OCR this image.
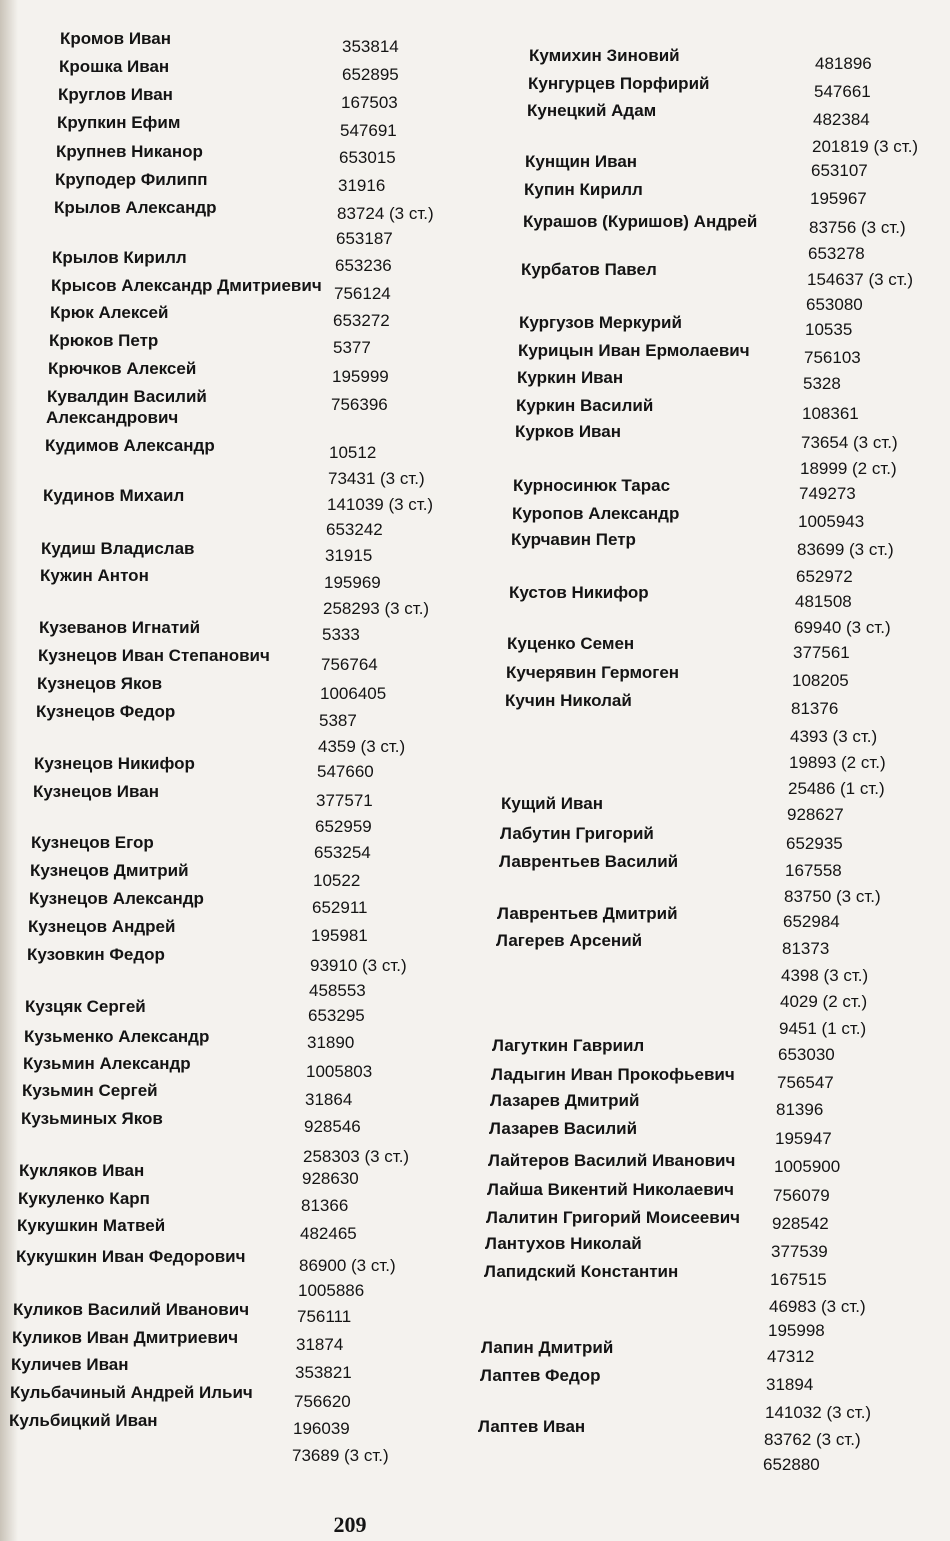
Кромов Иван
Крошка Иван
Круглов Иван
Крупкин Ефим
Крупнев Никанор
Круподер Филипп
Крылов Александр
Крылов Кирилл
Крысов Александр Дмитриевич
Крюк Алексей
Крюков Петр
Крючков Алексей
Кувалдин Василий
Александрович
Кудимов Александр
Кудинов Михаил
Кудиш Владислав
Кужин Антон
Кузеванов Игнатий
Кузнецов Иван Степанович
Кузнецов Яков
Кузнецов Федор
Кузнецов Никифор
Кузнецов Иван
Кузнецов Егор
Кузнецов Дмитрий
Кузнецов Александр
Кузнецов Андрей
Кузовкин Федор
Кузцяк Сергей
Кузьменко Александр
Кузьмин Александр
Кузьмин Сергей
Кузьминых Яков
Кукляков Иван
Кукуленко Карп
Кукушкин Матвей
Кукушкин Иван Федорович
Куликов Василий Иванович
Куликов Иван Дмитриевич
Куличев Иван
Кульбачиный Андрей Ильич
Кульбицкий Иван
353814
652895
167503
547691
653015
31916
83724 (3 ст.)
653187
653236
756124
653272
5377
195999
756396
10512
73431 (3 ст.)
141039 (3 ст.)
653242
31915
195969
258293 (3 ст.)
5333
756764
1006405
5387
4359 (3 ст.)
547660
377571
652959
653254
10522
652911
195981
93910 (3 ст.)
458553
653295
31890
1005803
31864
928546
258303 (3 ст.)
928630
81366
482465
86900 (3 ст.)
1005886
756111
31874
353821
756620
196039
73689 (3 ст.)
Кумихин Зиновий
Кунгурцев Порфирий
Кунецкий Адам
Кунщин Иван
Купин Кирилл
Курашов (Куришов) Андрей
Курбатов Павел
Кургузов Меркурий
Курицын Иван Ермолаевич
Куркин Иван
Куркин Василий
Курков Иван
Курносинюк Тарас
Куропов Александр
Курчавин Петр
Кустов Никифор
Куценко Семен
Кучерявин Гермоген
Кучин Николай
Кущий Иван
Лабутин Григорий
Лаврентьев Василий
Лаврентьев Дмитрий
Лагерев Арсений
Лагуткин Гавриил
Ладыгин Иван Прокофьевич
Лазарев Дмитрий
Лазарев Василий
Лайтеров Василий Иванович
Лайша Викентий Николаевич
Лалитин Григорий Моисеевич
Лантухов Николай
Лапидский Константин
Лапин Дмитрий
Лаптев Федор
Лаптев Иван
481896
547661
482384
201819 (3 ст.)
653107
195967
83756 (3 ст.)
653278
154637 (3 ст.)
653080
10535
756103
5328
108361
73654 (3 ст.)
18999 (2 ст.)
749273
1005943
83699 (3 ст.)
652972
481508
69940 (3 ст.)
377561
108205
81376
4393 (3 ст.)
19893 (2 ст.)
25486 (1 ст.)
928627
652935
167558
83750 (3 ст.)
652984
81373
4398 (3 ст.)
4029 (2 ст.)
9451 (1 ст.)
653030
756547
81396
195947
1005900
756079
928542
377539
167515
46983 (3 ст.)
195998
47312
31894
141032 (3 ст.)
83762 (3 ст.)
652880
209
